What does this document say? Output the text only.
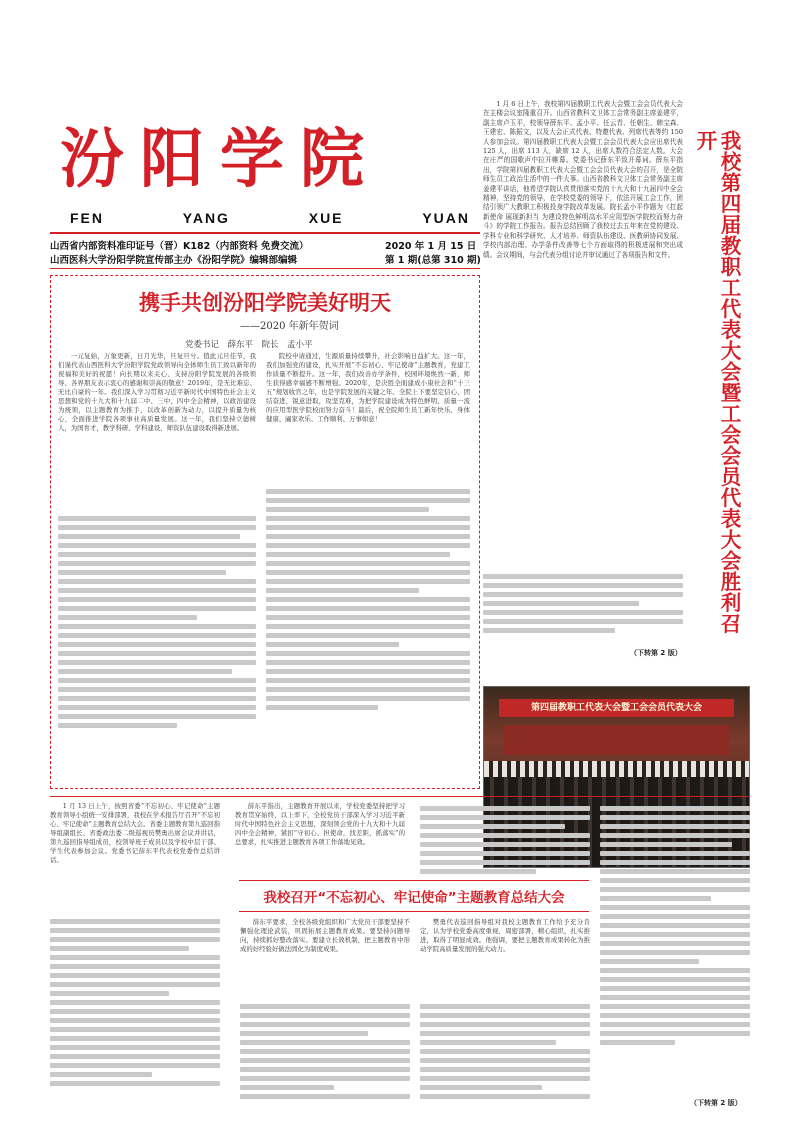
汾阳学院
FEN	YANG	XUE	YUAN
山西省内部资料准印证号（晋）K182（内部资料 免费交流）	2020 年 1 月 15 日
山西医科大学汾阳学院宣传部主办《汾阳学院》编辑部编辑	第 1 期(总第 310 期)
携手共创汾阳学院美好明天
——2020 年新年贺词
党委书记　薛东平　院长　孟小平

一元复始，万象更新，日月光华，旦复旦兮。值此元旦佳节，我们谨代表山西医科大学汾阳学院党政领导向全体师生员工致以新年的祝福和美好的祝愿！向长期以来关心、支持汾阳学院发展的各级领导、各界朋友表示衷心的感谢和崇高的敬意！2019年，是无比难忘、无比自豪的一年。我们深入学习贯彻习近平新时代中国特色社会主义思想和党的十九大和十九届二中、三中、四中全会精神，以政治建设为统领，以主题教育为推手，以改革创新为动力，以提升质量为核心，全面推进学院各项事业高质量发展。这一年，我们坚持立德树人，为国育才，教学科研、学科建设、师资队伍建设取得新进展。

院校申请通过，生源质量持续攀升，社会影响日益扩大。这一年，我们加强党的建设，扎实开展“不忘初心、牢记使命”主题教育，党建工作质量不断提升。这一年，我们改善办学条件，校园环境焕然一新，师生获得感幸福感不断增强。2020年，是决胜全面建成小康社会和“十三五”规划收官之年，也是学院发展的关键之年。全院上下要坚定信心、团结奋进，锐意进取，攻坚克难，为把学院建设成为特色鲜明、质量一流的应用型医学院校而努力奋斗！最后，祝全院师生员工新年快乐、身体健康、阖家欢乐、工作顺利、万事如意！

1 月 6 日上午，我校第四届教职工代表大会暨工会会员代表大会在主楼会议室隆重召开。山西省教科文卫体工会常务副主席姜建平，副主席卢玉平，校领导薛东平、孟小平、任云青、任朝生、韩宝森、王建宏、陈振文，以及大会正式代表、特邀代表、列席代表等约 150 人参加会议。第四届教职工代表大会暨工会会员代表大会应出席代表 125 人，出席 113 人，缺席 12 人，出席人数符合法定人数。大会在庄严的国歌声中拉开帷幕。党委书记薛东平致开幕词。薛东平指出，学院第四届教职工代表大会暨工会会员代表大会的召开，是全院师生员工政治生活中的一件大事。山西省教科文卫体工会常务副主席姜建平讲话，他希望学院认真贯彻落实党的十九大和十九届四中全会精神，坚持党的领导，在学校党委的领导下，依法开展工会工作，团结引领广大教职工积极投身学院改革发展。院长孟小平作题为《扛起新使命 展现新担当 为建设特色鲜明高水平应用型医学院校而努力奋斗》的学院工作报告。报告总结回顾了我校过去五年来在党的建设、学科专业和科学研究、人才培养、师资队伍建设、医教研协同发展、学校内部治理、办学条件改善等七个方面取得的积极进展和突出成绩。会议期间，与会代表分组讨论并审议通过了各项报告和文件。

（下转第 2 版）
我校第四届教职工代表大会暨工会会员代表大会胜利召开
第四届教职工代表大会暨工会会员代表大会

1 月 13 日上午，按照省委“不忘初心、牢记使命”主题教育领导小组统一安排部署，我校在学术报告厅召开“不忘初心、牢记使命”主题教育总结大会。省委主题教育第九巡回指导组副组长、省委政法委二级巡视员樊勇出席会议并讲话，第九巡回指导组成员，校领导班子成员以及学校中层干部、学生代表参加会议。党委书记薛东平代表校党委作总结讲话。

我校召开“不忘初心、牢记使命”主题教育总结大会

薛东平指出，主题教育开展以来，学校党委坚持把学习教育贯穿始终，以上率下，全校党员干部深入学习习近平新时代中国特色社会主义思想，深刻领会党的十九大和十九届四中全会精神，紧扣“守初心、担使命，找差距、抓落实”的总要求，扎实推进主题教育各项工作落地见效。

薛东平要求，全校各级党组织和广大党员干部要坚持不懈强化理论武装，巩固拓展主题教育成果。要坚持问题导向，持续抓好整改落实。要建立长效机制，把主题教育中形成的好经验好做法固化为制度成果。

樊勇代表巡回指导组对我校主题教育工作给予充分肯定，认为学校党委高度重视，周密部署，精心组织，扎实推进，取得了明显成效。他强调，要把主题教育成果转化为推动学院高质量发展的强大动力。

（下转第 2 版）
